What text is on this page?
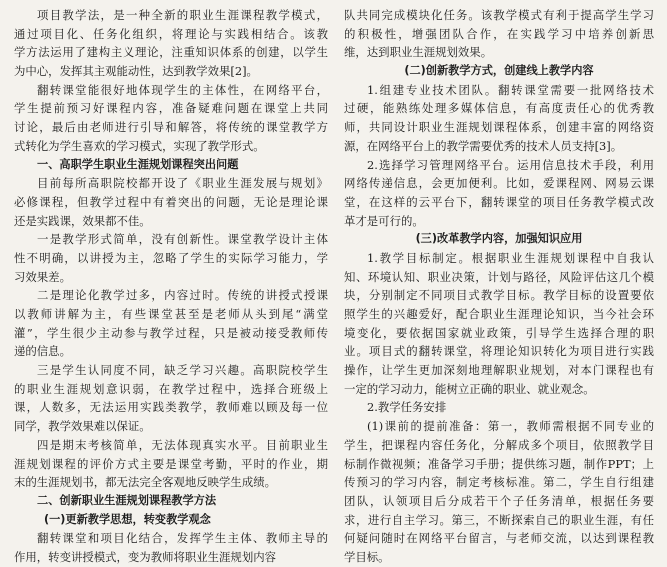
项目教学法，是一种全新的职业生涯课程教学模式，
通过项目化、任务化组织，将理论与实践相结合。该教
学方法运用了建构主义理论，注重知识体系的创建，以学生
为中心，发挥其主观能动性，达到教学效果[2]。
翻转课堂能很好地体现学生的主体性，在网络平台，
学生提前预习好课程内容，准备疑难问题在课堂上共同
讨论，最后由老师进行引导和解答，将传统的课堂教学方
式转化为学生喜欢的学习模式，实现了教学形式。
一、高职学生职业生涯规划课程突出问题
目前每所高职院校都开设了《职业生涯发展与规划》
必修课程，但教学过程中有着突出的问题，无论是理论课
还是实践课，效果都不佳。
一是教学形式简单，没有创新性。课堂教学设计主体
性不明确，以讲授为主，忽略了学生的实际学习能力，学
习效果差。
二是理论化教学过多，内容过时。传统的讲授式授课
以教师讲解为主，有些课堂甚至是老师从头到尾“满堂
灌”，学生很少主动参与教学过程，只是被动接受教师传
递的信息。
三是学生认同度不同，缺乏学习兴趣。高职院校学生
的职业生涯规划意识弱，在教学过程中，选择合班级上
课，人数多，无法运用实践类教学，教师难以顾及每一位
同学，教学效果难以保证。
四是期末考核简单，无法体现真实水平。目前职业生
涯规划课程的评价方式主要是课堂考勤，平时的作业，期
末的生涯规划书，都无法完全客观地反映学生成绩。
二、创新职业生涯规划课程教学方法
(一)更新教学思想，转变教学观念
翻转课堂和项目化结合，发挥学生主体、教师主导的
作用，转变讲授模式，变为教师将职业生涯规划内容
队共同完成模块化任务。该教学模式有利于提高学生学习
的积极性，增强团队合作，在实践学习中培养创新思
维，达到职业生涯规划效果。
(二)创新教学方式，创建线上教学内容
1.组建专业技术团队。翻转课堂需要一批网络技术
过硬，能熟练处理多媒体信息，有高度责任心的优秀教
师，共同设计职业生涯规划课程体系，创建丰富的网络资
源，在网络平台上的教学需要优秀的技术人员支持[3]。
2.选择学习管理网络平台。运用信息技术手段，利用
网络传递信息，会更加便利。比如，爱课程网、网易云课
堂，在这样的云平台下，翻转课堂的项目任务教学模式改
革才是可行的。
(三)改革教学内容，加强知识应用
1.教学目标制定。根据职业生涯规划课程中自我认
知、环境认知、职业决策，计划与路径，风险评估这几个模
块，分别制定不同项目式教学目标。教学目标的设置要依
照学生的兴趣爱好，配合职业生涯理论知识，当今社会环
境变化，要依据国家就业政策，引导学生选择合理的职
业。项目式的翻转课堂，将理论知识转化为项目进行实践
操作，让学生更加深刻地理解职业规划，对本门课程也有
一定的学习动力，能树立正确的职业、就业观念。
2.教学任务安排
(1)课前的提前准备：第一，教师需根据不同专业的
学生，把课程内容任务化，分解成多个项目，依照教学目
标制作微视频；准备学习手册；提供练习题，制作PPT；上
传预习的学习内容，制定考核标准。第二，学生自行组建
团队，认领项目后分成若干个子任务清单，根据任务要
求，进行自主学习。第三，不断探索自己的职业生涯，有任
何疑问随时在网络平台留言，与老师交流，以达到课程教
学目标。
